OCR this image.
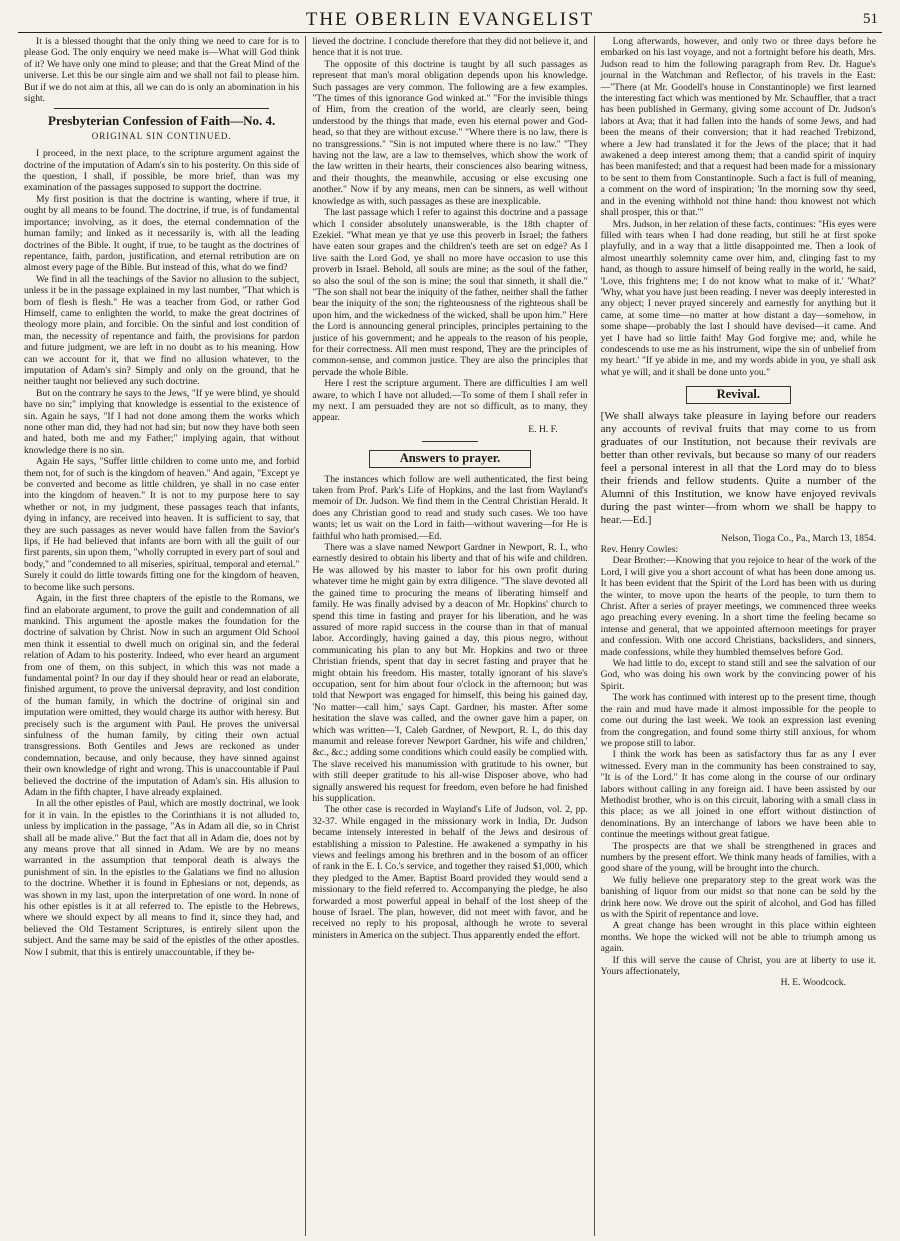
THE OBERLIN EVANGELIST	51

It is a blessed thought that the only thing we need to care for is to please God. The only enquiry we need make is—What will God think of it? We have only one mind to please; and that the Great Mind of the universe. Let this be our single aim and we shall not fail to please him. But if we do not aim at this, all we can do is only an abomination in his sight.

Presbyterian Confession of Faith—No. 4.
ORIGINAL SIN CONTINUED.

I proceed, in the next place, to the scripture argument against the doctrine of the imputation of Adam's sin to his posterity. On this side of the question, I shall, if possible, be more brief, than was my examination of the passages supposed to support the doctrine.

My first position is that the doctrine is wanting, where if true, it ought by all means to be found. The doctrine, if true, is of fundamental importance; involving, as it does, the eternal condemnation of the human family; and linked as it necessarily is, with all the leading doctrines of the Bible. It ought, if true, to be taught as the doctrines of repentance, faith, pardon, justification, and eternal retribution are on almost every page of the Bible. But instead of this, what do we find?

We find in all the teachings of the Savior no allusion to the subject, unless it be in the passage explained in my last number, "That which is born of flesh is flesh." He was a teacher from God, or rather God Himself, came to enlighten the world, to make the great doctrines of theology more plain, and forcible. On the sinful and lost condition of man, the necessity of repentance and faith, the provisions for pardon and future judgment, we are left in no doubt as to his meaning. How can we account for it, that we find no allusion whatever, to the imputation of Adam's sin? Simply and only on the ground, that he neither taught nor believed any such doctrine.

But on the contrary he says to the Jews, "If ye were blind, ye should have no sin;" implying that knowledge is essential to the existence of sin. Again he says, "If I had not done among them the works which none other man did, they had not had sin; but now they have both seen and hated, both me and my Father;" implying again, that without knowledge there is no sin.

Again He says, "Suffer little children to come unto me, and forbid them not, for of such is the kingdom of heaven." And again, "Except ye be converted and become as little children, ye shall in no case enter into the kingdom of heaven." It is not to my purpose here to say whether or not, in my judgment, these passages teach that infants, dying in infancy, are received into heaven. It is sufficient to say, that they are such passages as never would have fallen from the Savior's lips, if He had believed that infants are born with all the guilt of our first parents, sin upon them, "wholly corrupted in every part of soul and body," and "condemned to all miseries, spiritual, temporal and eternal." Surely it could do little towards fitting one for the kingdom of heaven, to become like such persons.

Again, in the first three chapters of the epistle to the Romans, we find an elaborate argument, to prove the guilt and condemnation of all mankind. This argument the apostle makes the foundation for the doctrine of salvation by Christ. Now in such an argument Old School men think it essential to dwell much on original sin, and the federal relation of Adam to his posterity. Indeed, who ever heard an argument from one of them, on this subject, in which this was not made a fundamental point? In our day if they should hear or read an elaborate, finished argument, to prove the universal depravity, and lost condition of the human family, in which the doctrine of original sin and imputation were omitted, they would charge its author with heresy. But precisely such is the argument with Paul. He proves the universal sinfulness of the human family, by citing their own actual transgressions. Both Gentiles and Jews are reckoned as under condemnation, because, and only because, they have sinned against their own knowledge of right and wrong. This is unaccountable if Paul believed the doctrine of the imputation of Adam's sin. His allusion to Adam in the fifth chapter, I have already explained.

In all the other epistles of Paul, which are mostly doctrinal, we look for it in vain. In the epistles to the Corinthians it is not alluded to, unless by implication in the passage, "As in Adam all die, so in Christ shall all be made alive." But the fact that all in Adam die, does not by any means prove that all sinned in Adam. We are by no means warranted in the assumption that temporal death is always the punishment of sin. In the epistles to the Galatians we find no allusion to the doctrine. Whether it is found in Ephesians or not, depends, as was shown in my last, upon the interpretation of one word. In none of his other epistles is it at all referred to. The epistle to the Hebrews, where we should expect by all means to find it, since they had, and believed the Old Testament Scriptures, is entirely silent upon the subject. And the same may be said of the epistles of the other apostles. Now I submit, that this is entirely unaccountable, if they be-

lieved the doctrine. I conclude therefore that they did not believe it, and hence that it is not true.

The opposite of this doctrine is taught by all such passages as represent that man's moral obligation depends upon his knowledge. Such passages are very common. The following are a few examples. "The times of this ignorance God winked at." "For the invisible things of Him, from the creation of the world, are clearly seen, being understood by the things that made, even his eternal power and God-head, so that they are without excuse." "Where there is no law, there is no transgressions." "Sin is not imputed where there is no law." "They having not the law, are a law to themselves, which show the work of the law written in their hearts, their consciences also bearing witness, and their thoughts, the meanwhile, accusing or else excusing one another." Now if by any means, men can be sinners, as well without knowledge as with, such passages as these are inexplicable.

The last passage which I refer to against this doctrine and a passage which I consider absolutely unanswerable, is the 18th chapter of Ezekiel. "What mean ye that ye use this proverb in Israel; the fathers have eaten sour grapes and the children's teeth are set on edge? As I live saith the Lord God, ye shall no more have occasion to use this proverb in Israel. Behold, all souls are mine; as the soul of the father, so also the soul of the son is mine; the soul that sinneth, it shall die." "The son shall not bear the iniquity of the father, neither shall the father bear the iniquity of the son; the righteousness of the righteous shall be upon him, and the wickedness of the wicked, shall be upon him." Here the Lord is announcing general principles, principles pertaining to the justice of his government; and he appeals to the reason of his people, for their correctness. All men must respond, They are the principles of common-sense, and common justice. They are also the principles that pervade the whole Bible.

Here I rest the scripture argument. There are difficulties I am well aware, to which I have not alluded.—To some of them I shall refer in my next. I am persuaded they are not so difficult, as to many, they appear.

E. H. F.

Answers to prayer.

The instances which follow are well authenticated, the first being taken from Prof. Park's Life of Hopkins, and the last from Wayland's memoir of Dr. Judson. We find them in the Central Christian Herald. It does any Christian good to read and study such cases. We too have wants; let us wait on the Lord in faith—without wavering—for He is faithful who hath promised.—Ed.

There was a slave named Newport Gardner in Newport, R. I., who earnestly desired to obtain his liberty and that of his wife and children. He was allowed by his master to labor for his own profit during whatever time he might gain by extra diligence. "The slave devoted all the gained time to procuring the means of liberating himself and family. He was finally advised by a deacon of Mr. Hopkins' church to spend this time in fasting and prayer for his liberation, and he was assured of more rapid success in the course than in that of manual labor. Accordingly, having gained a day, this pious negro, without communicating his plan to any but Mr. Hopkins and two or three Christian friends, spent that day in secret fasting and prayer that he might obtain his freedom. His master, totally ignorant of his slave's occupation, sent for him about four o'clock in the afternoon; but was told that Newport was engaged for himself, this being his gained day, 'No matter—call him,' says Capt. Gardner, his master. After some hesitation the slave was called, and the owner gave him a paper, on which was written—'I, Caleb Gardner, of Newport, R. I., do this day manumit and release forever Newport Gardner, his wife and children,' &c., &c.; adding some conditions which could easily be complied with. The slave received his manumission with gratitude to his owner, but with still deeper gratitude to his all-wise Disposer above, who had signally answered his request for freedom, even before he had finished his supplication.

The other case is recorded in Wayland's Life of Judson, vol. 2, pp. 32-37. While engaged in the missionary work in India, Dr. Judson became intensely interested in behalf of the Jews and desirous of establishing a mission to Palestine. He awakened a sympathy in his views and feelings among his brethren and in the bosom of an officer of rank in the E. I. Co.'s service, and together they raised $1,000, which they pledged to the Amer. Baptist Board provided they would send a missionary to the field referred to. Accompanying the pledge, he also forwarded a most powerful appeal in behalf of the lost sheep of the house of Israel. The plan, however, did not meet with favor, and he received no reply to his proposal, although he wrote to several ministers in America on the subject. Thus apparently ended the effort.

Long afterwards, however, and only two or three days before he embarked on his last voyage, and not a fortnight before his death, Mrs. Judson read to him the following paragraph from Rev. Dr. Hague's journal in the Watchman and Reflector, of his travels in the East:—"There (at Mr. Goodell's house in Constantinople) we first learned the interesting fact which was mentioned by Mr. Schauffler, that a tract has been published in Germany, giving some account of Dr. Judson's labors at Ava; that it had fallen into the hands of some Jews, and had been the means of their conversion; that it had reached Trebizond, where a Jew had translated it for the Jews of the place; that it had awakened a deep interest among them; that a candid spirit of inquiry has been manifested; and that a request had been made for a missionary to be sent to them from Constantinople. Such a fact is full of meaning, a comment on the word of inspiration; 'In the morning sow thy seed, and in the evening withhold not thine hand: thou knowest not which shall prosper, this or that.'"

Mrs. Judson, in her relation of these facts, continues: "His eyes were filled with tears when I had done reading, but still he at first spoke playfully, and in a way that a little disappointed me. Then a look of almost unearthly solemnity came over him, and, clinging fast to my hand, as though to assure himself of being really in the world, he said, 'Love, this frightens me; I do not know what to make of it.' 'What?' 'Why, what you have just been reading. I never was deeply interested in any object; I never prayed sincerely and earnestly for anything but it came, at some time—no matter at how distant a day—somehow, in some shape—probably the last I should have devised—it came. And yet I have had so little faith! May God forgive me; and, while he condescends to use me as his instrument, wipe the sin of unbelief from my heart.' "If ye abide in me, and my words abide in you, ye shall ask what ye will, and it shall be done unto you."

Revival.

[We shall always take pleasure in laying before our readers any accounts of revival fruits that may come to us from graduates of our Institution, not because their revivals are better than other revivals, but because so many of our readers feel a personal interest in all that the Lord may do to bless their friends and fellow students. Quite a number of the Alumni of this Institution, we know have enjoyed revivals during the past winter—from whom we shall be happy to hear.—Ed.]

Nelson, Tioga Co., Pa., March 13, 1854.

Rev. Henry Cowles:

Dear Brother:—Knowing that you rejoice to hear of the work of the Lord, I will give you a short account of what has been done among us. It has been evident that the Spirit of the Lord has been with us during the winter, to move upon the hearts of the people, to turn them to Christ. After a series of prayer meetings, we commenced three weeks ago preaching every evening. In a short time the feeling became so intense and general, that we appointed afternoon meetings for prayer and confession. With one accord Christians, backsliders, and sinners, made confessions, while they humbled themselves before God.

We had little to do, except to stand still and see the salvation of our God, who was doing his own work by the convincing power of his Spirit.

The work has continued with interest up to the present time, though the rain and mud have made it almost impossible for the people to come out during the last week. We took an expression last evening from the congregation, and found some thirty still anxious, for whom we propose still to labor.

I think the work has been as satisfactory thus far as any I ever witnessed. Every man in the community has been constrained to say, "It is of the Lord." It has come along in the course of our ordinary labors without calling in any foreign aid. I have been assisted by our Methodist brother, who is on this circuit, laboring with a small class in this place; as we all joined in one effort without distinction of denominations. By an interchange of labors we have been able to continue the meetings without great fatigue.

The prospects are that we shall be strengthened in graces and numbers by the present effort. We think many heads of families, with a good share of the young, will be brought into the church.

We fully believe one preparatory step to the great work was the banishing of liquor from our midst so that none can be sold by the drink here now. We drove out the spirit of alcohol, and God has filled us with the Spirit of repentance and love.

A great change has been wrought in this place within eighteen months. We hope the wicked will not be able to triumph among us again.

If this will serve the cause of Christ, you are at liberty to use it. Yours affectionately,

H. E. Woodcock.
